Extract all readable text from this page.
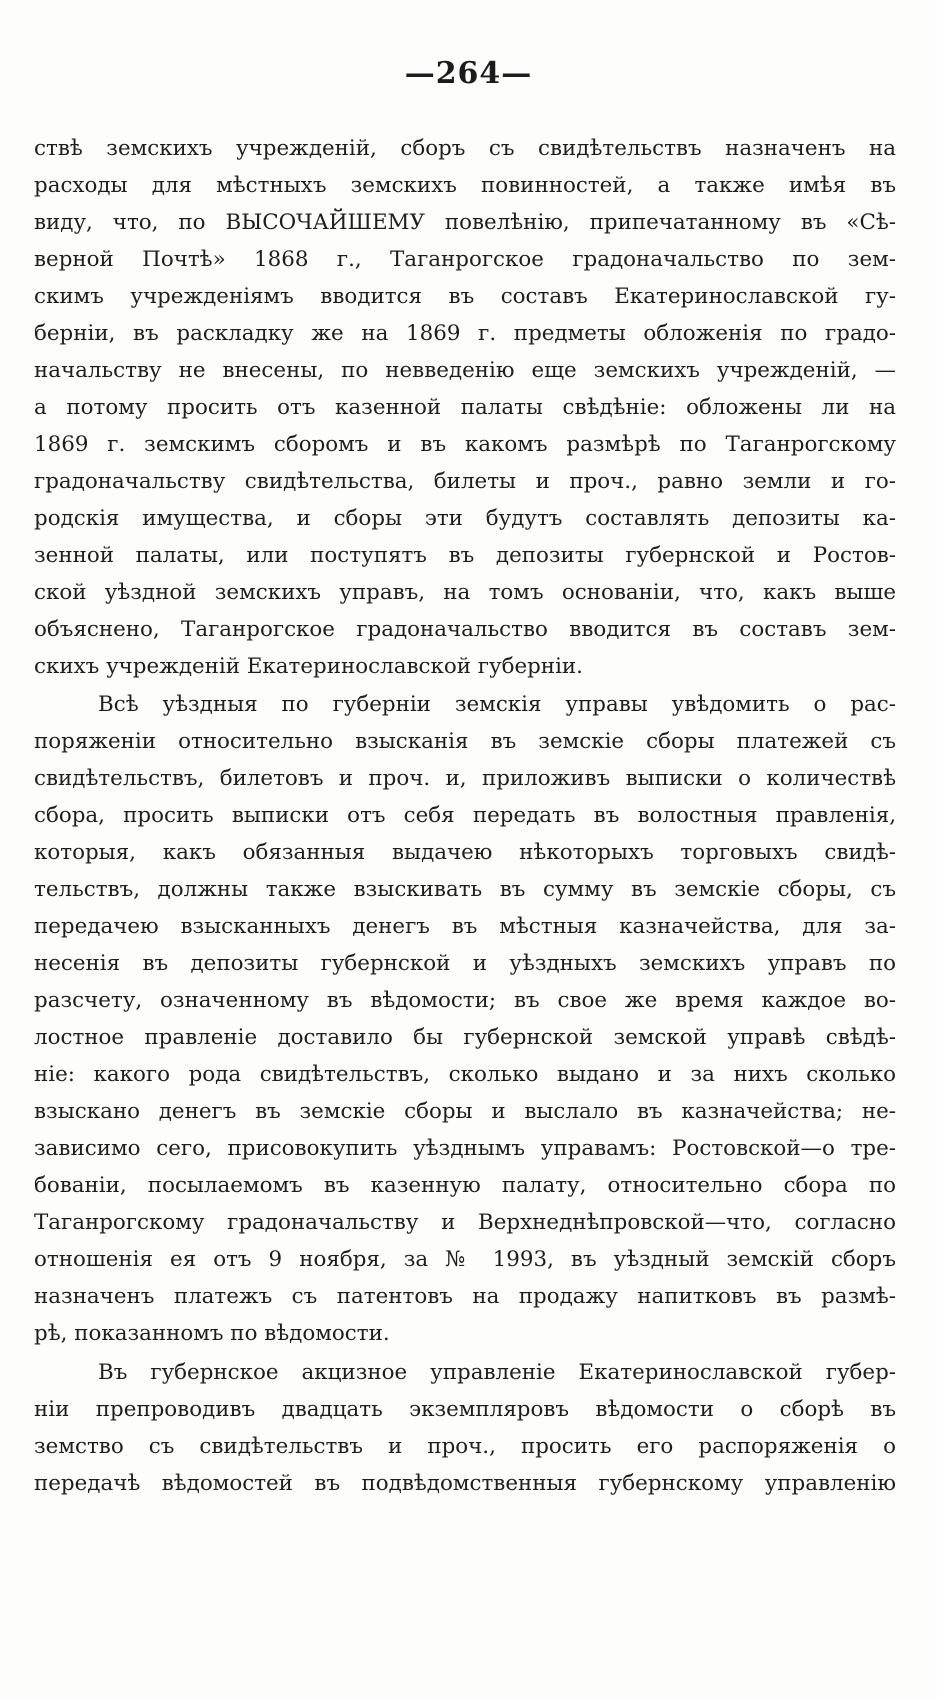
—264—
ствѣ земскихъ учрежденій, сборъ съ свидѣтельствъ назначенъ на
расходы для мѣстныхъ земскихъ повинностей, а также имѣя въ
виду, что, по ВЫСОЧАЙШЕМУ повелѣнію, припечатанному въ «Сѣ-
верной Почтѣ» 1868 г., Таганрогское градоначальство по зем-
скимъ учрежденіямъ вводится въ составъ Екатеринославской гу-
берніи, въ раскладку же на 1869 г. предметы обложенія по градо-
начальству не внесены, по невведенію еще земскихъ учрежденій, —
а потому просить отъ казенной палаты свѣдѣніе: обложены ли на
1869 г. земскимъ сборомъ и въ какомъ размѣрѣ по Таганрогскому
градоначальству свидѣтельства, билеты и проч., равно земли и го-
родскія имущества, и сборы эти будутъ составлять депозиты ка-
зенной палаты, или поступятъ въ депозиты губернской и Ростов-
ской уѣздной земскихъ управъ, на томъ основаніи, что, какъ выше
объяснено, Таганрогское градоначальство вводится въ составъ зем-
скихъ учрежденій Екатеринославской губерніи.
Всѣ уѣздныя по губерніи земскія управы увѣдомить о рас-
поряженіи относительно взысканія въ земскіе сборы платежей съ
свидѣтельствъ, билетовъ и проч. и, приложивъ выписки о количествѣ
сбора, просить выписки отъ себя передать въ волостныя правленія,
которыя, какъ обязанныя выдачею нѣкоторыхъ торговыхъ свидѣ-
тельствъ, должны также взыскивать въ сумму въ земскіе сборы, съ
передачею взысканныхъ денегъ въ мѣстныя казначейства, для за-
несенія въ депозиты губернской и уѣздныхъ земскихъ управъ по
разсчету, означенному въ вѣдомости; въ свое же время каждое во-
лостное правленіе доставило бы губернской земской управѣ свѣдѣ-
ніе: какого рода свидѣтельствъ, сколько выдано и за нихъ сколько
взыскано денегъ въ земскіе сборы и выслало въ казначейства; не-
зависимо сего, присовокупить уѣзднымъ управамъ: Ростовской—о тре-
бованіи, посылаемомъ въ казенную палату, относительно сбора по
Таганрогскому градоначальству и Верхнеднѣпровской—что, согласно
отношенія ея отъ 9 ноября, за № 1993, въ уѣздный земскій сборъ
назначенъ платежъ съ патентовъ на продажу напитковъ въ размѣ-
рѣ, показанномъ по вѣдомости.
Въ губернское акцизное управленіе Екатеринославской губер-
ніи препроводивъ двадцать экземпляровъ вѣдомости о сборѣ въ
земство съ свидѣтельствъ и проч., просить его распоряженія о
передачѣ вѣдомостей въ подвѣдомственныя губернскому управленію
